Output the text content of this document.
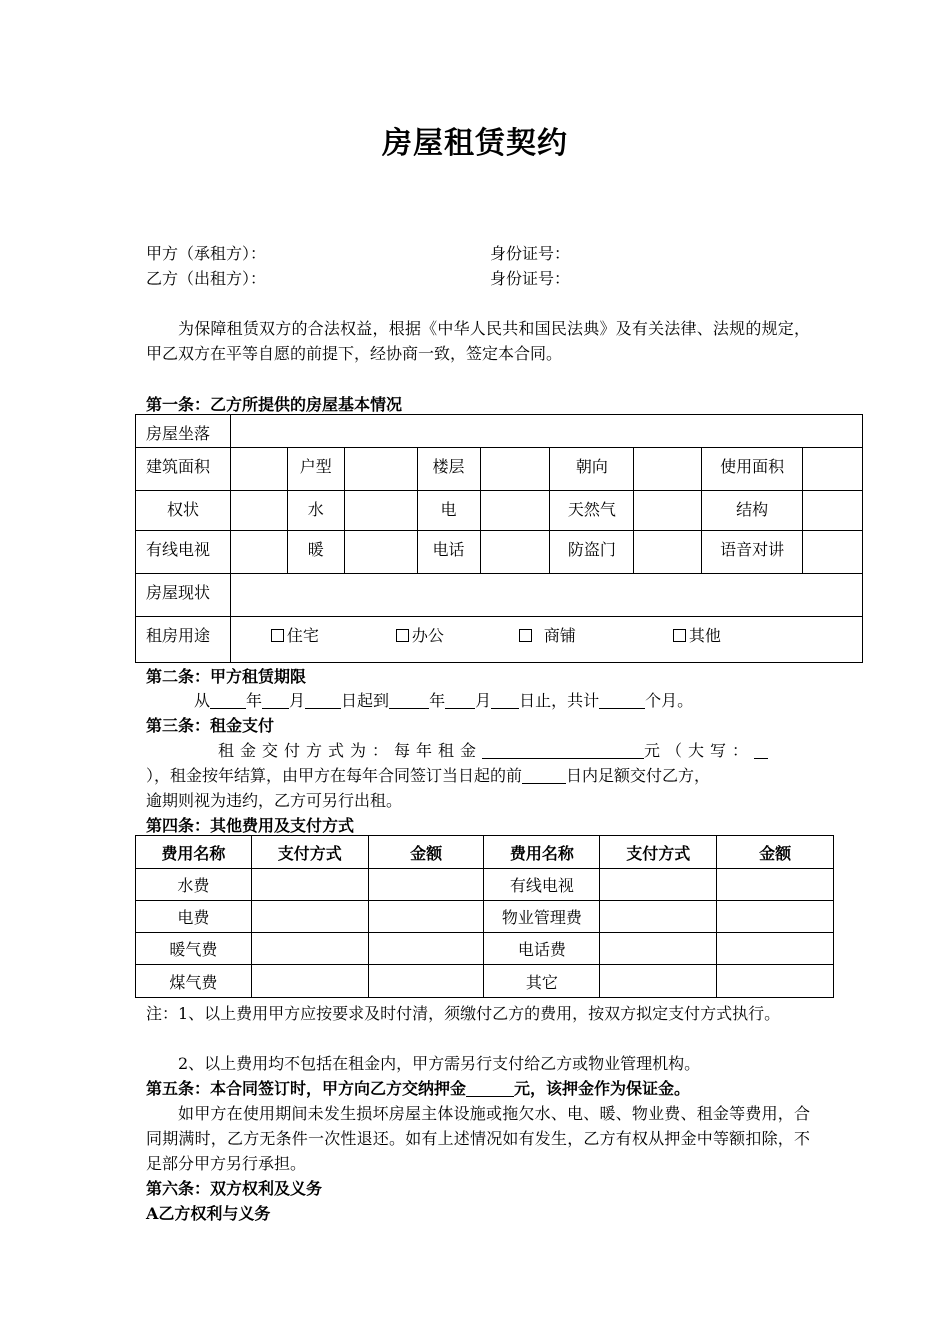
房屋租赁契约
甲方（承租方）：	身份证号：
乙方（出租方）：	身份证号：
为保障租赁双方的合法权益，根据《中华人民共和国民法典》及有关法律、法规的规定，甲乙双方在平等自愿的前提下，经协商一致，签定本合同。
第一条：乙方所提供的房屋基本情况
房屋坐落									
建筑面积		户型		楼层		朝向		使用面积	
权状		水		电		天然气		结构	
有线电视		暖		电话		防盗门		语音对讲	
房屋现状									
租房用途	住宅 办公 商铺 其他								
第二条：甲方租赁期限
从 年 月 日起到	年 月 日止，共计	个月。
第三条：租金支付
租金交付方式为：每年租金	元（大写：
），租金按年结算，由甲方在每年合同签订当日起的前	日内足额交付乙方，
逾期则视为违约，乙方可另行出租。
第四条：其他费用及支付方式
费用名称	支付方式	金额	费用名称	支付方式	金额
水费			有线电视		
电费			物业管理费		
暖气费			电话费		
煤气费			其它		
注：1、以上费用甲方应按要求及时付清，须缴付乙方的费用，按双方拟定支付方式执行。
2、以上费用均不包括在租金内，甲方需另行支付给乙方或物业管理机构。
第五条：本合同签订时，甲方向乙方交纳押金	元，该押金作为保证金。
如甲方在使用期间未发生损坏房屋主体设施或拖欠水、电、暖、物业费、租金等费用，合同期满时，乙方无条件一次性退还。如有上述情况如有发生，乙方有权从押金中等额扣除，不足部分甲方另行承担。
第六条：双方权利及义务
A乙方权利与义务
